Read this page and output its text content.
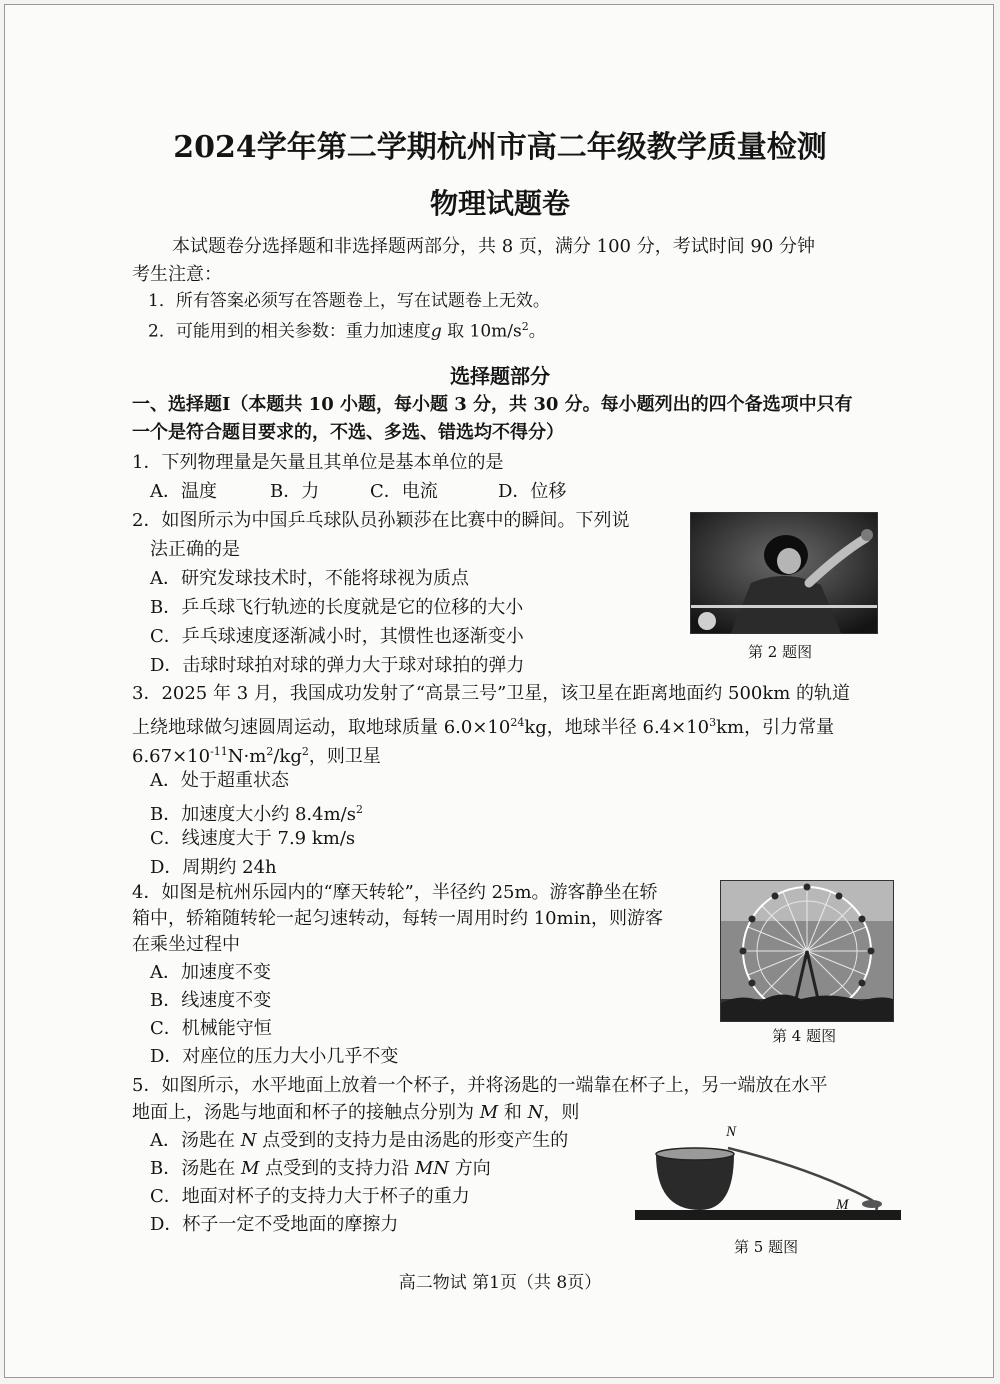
2024学年第二学期杭州市高二年级教学质量检测
物理试题卷
本试题卷分选择题和非选择题两部分，共 8 页，满分 100 分，考试时间 90 分钟
考生注意：
1．所有答案必须写在答题卷上，写在试题卷上无效。
2．可能用到的相关参数：重力加速度g 取 $10m/s^2$。
选择题部分
一、选择题Ⅰ（本题共 10 小题，每小题 3 分，共 30 分。每小题列出的四个备选项中只有
一个是符合题目要求的，不选、多选、错选均不得分）
1．下列物理量是矢量且其单位是基本单位的是
A．温度	B．力	C．电流	D．位移
2．如图所示为中国乒乓球队员孙颖莎在比赛中的瞬间。下列说
法正确的是
A．研究发球技术时，不能将球视为质点
B．乒乓球飞行轨迹的长度就是它的位移的大小
C．乒乓球速度逐渐减小时，其惯性也逐渐变小
D．击球时球拍对球的弹力大于球对球拍的弹力
第 2 题图
3．2025 年 3 月，我国成功发射了“高景三号”卫星，该卫星在距离地面约 500km 的轨道
上绕地球做匀速圆周运动，取地球质量 $6.0\times 10^{24}kg$，地球半径 $6.4\times 10^3km$，引力常量
$6.67\times 10^{-11}N\cdot m^2/kg^2$，则卫星
A．处于超重状态
B．加速度大小约 $8.4m/s^2$
C．线速度大于 7.9 km/s
D．周期约 24h
4．如图是杭州乐园内的“摩天转轮”，半径约 25m。游客静坐在轿
箱中，轿箱随转轮一起匀速转动，每转一周用时约 10min，则游客
在乘坐过程中
A．加速度不变
B．线速度不变
C．机械能守恒
D．对座位的压力大小几乎不变
第 4 题图
5．如图所示，水平地面上放着一个杯子，并将汤匙的一端靠在杯子上，另一端放在水平
地面上，汤匙与地面和杯子的接触点分别为 M 和 N，则
A．汤匙在 N 点受到的支持力是由汤匙的形变产生的
B．汤匙在 M 点受到的支持力沿 MN 方向
C．地面对杯子的支持力大于杯子的重力
D．杯子一定不受地面的摩擦力
N
M
第 5 题图
高二物试 第1页（共 8页）
